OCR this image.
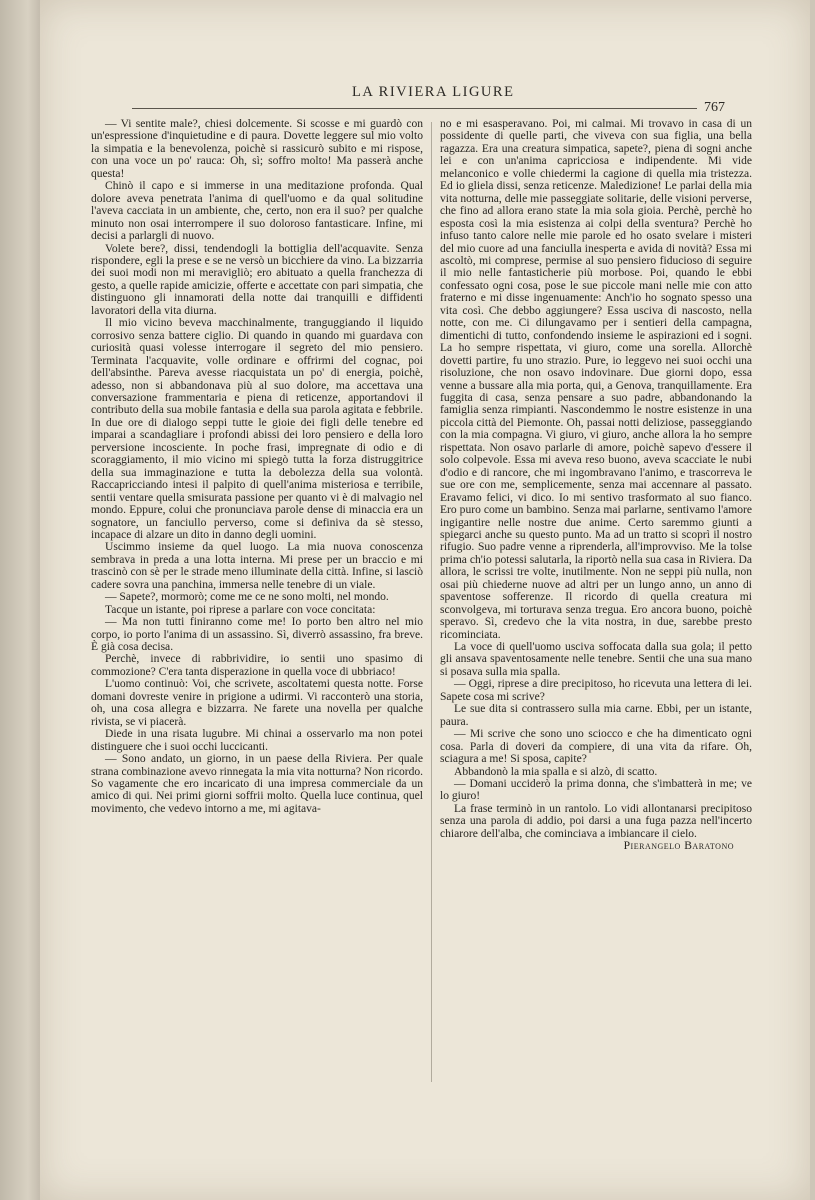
LA RIVIERA LIGURE
767

— Vi sentite male?, chiesi dolcemente. Si scosse e mi guardò con un'espressione d'inquietudine e di paura. Dovette leggere sul mio volto la simpatia e la benevolenza, poichè si rassicurò subito e mi rispose, con una voce un po' rauca: Oh, sì; soffro molto! Ma passerà anche questa!

Chinò il capo e si immerse in una meditazione profonda. Qual dolore aveva penetrata l'anima di quell'uomo e da qual solitudine l'aveva cacciata in un ambiente, che, certo, non era il suo? per qualche minuto non osai interrompere il suo doloroso fantasticare. Infine, mi decisi a parlargli di nuovo.

Volete bere?, dissi, tendendogli la bottiglia dell'acquavite. Senza rispondere, egli la prese e se ne versò un bicchiere da vino. La bizzarria dei suoi modi non mi meravigliò; ero abituato a quella franchezza di gesto, a quelle rapide amicizie, offerte e accettate con pari simpatia, che distinguono gli innamorati della notte dai tranquilli e diffidenti lavoratori della vita diurna.

Il mio vicino beveva macchinalmente, tranguggiando il liquido corrosivo senza battere ciglio. Di quando in quando mi guardava con curiosità quasi volesse interrogare il segreto del mio pensiero. Terminata l'acquavite, volle ordinare e offrirmi del cognac, poi dell'absinthe. Pareva avesse riacquistata un po' di energia, poichè, adesso, non si abbandonava più al suo dolore, ma accettava una conversazione frammentaria e piena di reticenze, apportandovi il contributo della sua mobile fantasia e della sua parola agitata e febbrile. In due ore di dialogo seppi tutte le gioie dei figli delle tenebre ed imparai a scandagliare i profondi abissi dei loro pensiero e della loro perversione incosciente. In poche frasi, impregnate di odio e di scoraggiamento, il mio vicino mi spiegò tutta la forza distruggitrice della sua immaginazione e tutta la debolezza della sua volontà. Raccapricciando intesi il palpito di quell'anima misteriosa e terribile, sentii ventare quella smisurata passione per quanto vi è di malvagio nel mondo. Eppure, colui che pronunciava parole dense di minaccia era un sognatore, un fanciullo perverso, come si definiva da sè stesso, incapace di alzare un dito in danno degli uomini.

Uscimmo insieme da quel luogo. La mia nuova conoscenza sembrava in preda a una lotta interna. Mi prese per un braccio e mi trascinò con sè per le strade meno illuminate della città. Infine, si lasciò cadere sovra una panchina, immersa nelle tenebre di un viale.

— Sapete?, mormorò; come me ce ne sono molti, nel mondo.

Tacque un istante, poi riprese a parlare con voce concitata:

— Ma non tutti finiranno come me! Io porto ben altro nel mio corpo, io porto l'anima di un assassino. Sì, diverrò assassino, fra breve. È già cosa decisa.

Perchè, invece di rabbrividire, io sentii uno spasimo di commozione? C'era tanta disperazione in quella voce di ubbriaco!

L'uomo continuò: Voi, che scrivete, ascoltatemi questa notte. Forse domani dovreste venire in prigione a udirmi. Vi racconterò una storia, oh, una cosa allegra e bizzarra. Ne farete una novella per qualche rivista, se vi piacerà.

Diede in una risata lugubre. Mi chinai a osservarlo ma non potei distinguere che i suoi occhi luccicanti.

— Sono andato, un giorno, in un paese della Riviera. Per quale strana combinazione avevo rinnegata la mia vita notturna? Non ricordo. So vagamente che ero incaricato di una impresa commerciale da un amico di qui. Nei primi giorni soffrii molto. Quella luce continua, quel movimento, che vedevo intorno a me, mi agitava-

no e mi esasperavano. Poi, mi calmai. Mi trovavo in casa di un possidente di quelle parti, che viveva con sua figlia, una bella ragazza. Era una creatura simpatica, sapete?, piena di sogni anche lei e con un'anima capricciosa e indipendente. Mi vide melanconico e volle chiedermi la cagione di quella mia tristezza. Ed io gliela dissi, senza reticenze. Maledizione! Le parlai della mia vita notturna, delle mie passeggiate solitarie, delle visioni perverse, che fino ad allora erano state la mia sola gioia. Perchè, perchè ho esposta così la mia esistenza ai colpi della sventura? Perchè ho infuso tanto calore nelle mie parole ed ho osato svelare i misteri del mio cuore ad una fanciulla inesperta e avida di novità? Essa mi ascoltò, mi comprese, permise al suo pensiero fiducioso di seguire il mio nelle fantasticherie più morbose. Poi, quando le ebbi confessato ogni cosa, pose le sue piccole mani nelle mie con atto fraterno e mi disse ingenuamente: Anch'io ho sognato spesso una vita così. Che debbo aggiungere? Essa usciva di nascosto, nella notte, con me. Ci dilungavamo per i sentieri della campagna, dimentichi di tutto, confondendo insieme le aspirazioni ed i sogni. La ho sempre rispettata, vi giuro, come una sorella. Allorchè dovetti partire, fu uno strazio. Pure, io leggevo nei suoi occhi una risoluzione, che non osavo indovinare. Due giorni dopo, essa venne a bussare alla mia porta, qui, a Genova, tranquillamente. Era fuggita di casa, senza pensare a suo padre, abbandonando la famiglia senza rimpianti. Nascondemmo le nostre esistenze in una piccola città del Piemonte. Oh, passai notti deliziose, passeggiando con la mia compagna. Vi giuro, vi giuro, anche allora la ho sempre rispettata. Non osavo parlarle di amore, poichè sapevo d'essere il solo colpevole. Essa mi aveva reso buono, aveva scacciate le nubi d'odio e di rancore, che mi ingombravano l'animo, e trascorreva le sue ore con me, semplicemente, senza mai accennare al passato. Eravamo felici, vi dico. Io mi sentivo trasformato al suo fianco. Ero puro come un bambino. Senza mai parlarne, sentivamo l'amore ingigantire nelle nostre due anime. Certo saremmo giunti a spiegarci anche su questo punto. Ma ad un tratto si scoprì il nostro rifugio. Suo padre venne a riprenderla, all'improvviso. Me la tolse prima ch'io potessi salutarla, la riportò nella sua casa in Riviera. Da allora, le scrissi tre volte, inutilmente. Non ne seppi più nulla, non osai più chiederne nuove ad altri per un lungo anno, un anno di spaventose sofferenze. Il ricordo di quella creatura mi sconvolgeva, mi torturava senza tregua. Ero ancora buono, poichè speravo. Sì, credevo che la vita nostra, in due, sarebbe presto ricominciata.

La voce di quell'uomo usciva soffocata dalla sua gola; il petto gli ansava spaventosamente nelle tenebre. Sentii che una sua mano si posava sulla mia spalla.

— Oggi, riprese a dire precipitoso, ho ricevuta una lettera di lei. Sapete cosa mi scrive?

Le sue dita si contrassero sulla mia carne. Ebbi, per un istante, paura.

— Mi scrive che sono uno sciocco e che ha dimenticato ogni cosa. Parla di doveri da compiere, di una vita da rifare. Oh, sciagura a me! Si sposa, capite?

Abbandonò la mia spalla e si alzò, di scatto.

— Domani ucciderò la prima donna, che s'imbatterà in me; ve lo giuro!

La frase terminò in un rantolo. Lo vidi allontanarsi precipitoso senza una parola di addio, poi darsi a una fuga pazza nell'incerto chiarore dell'alba, che cominciava a imbiancare il cielo.

Pierangelo Baratono
